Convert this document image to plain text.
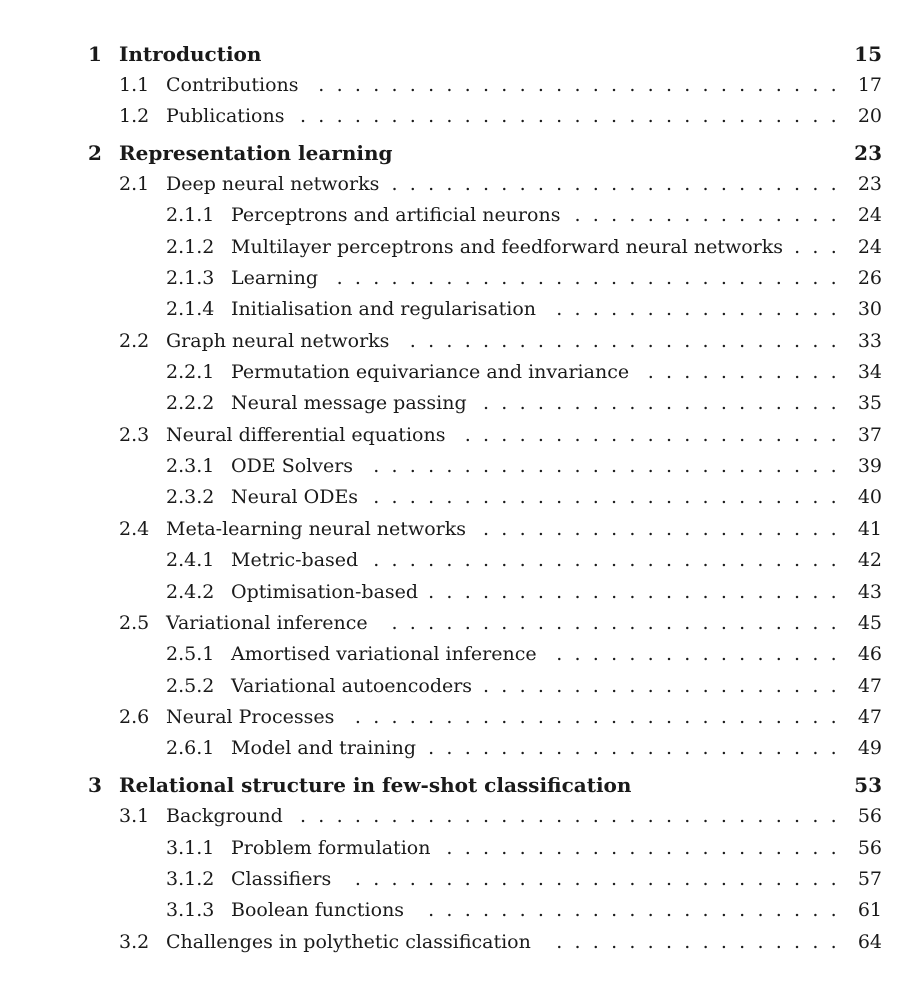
1 Introduction	15
1.1 Contributions . . . . . . . . . . . . . . . . . . . . . . . . . . . . .	17
1.2 Publications . . . . . . . . . . . . . . . . . . . . . . . . . . . . . .	20
2 Representation learning	23
2.1 Deep neural networks . . . . . . . . . . . . . . . . . . . . . . . . .	23
2.1.1 Perceptrons and artificial neurons . . . . . . . . . . . . . . .	24
2.1.2 Multilayer perceptrons and feedforward neural networks . . .	24
2.1.3 Learning . . . . . . . . . . . . . . . . . . . . . . . . . . . .	26
2.1.4 Initialisation and regularisation . . . . . . . . . . . . . . . .	30
2.2 Graph neural networks . . . . . . . . . . . . . . . . . . . . . . . .	33
2.2.1 Permutation equivariance and invariance . . . . . . . . . . .	34
2.2.2 Neural message passing . . . . . . . . . . . . . . . . . . . .	35
2.3 Neural differential equations . . . . . . . . . . . . . . . . . . . . .	37
2.3.1 ODE Solvers . . . . . . . . . . . . . . . . . . . . . . . . . .	39
2.3.2 Neural ODEs . . . . . . . . . . . . . . . . . . . . . . . . . .	40
2.4 Meta-learning neural networks . . . . . . . . . . . . . . . . . . . .	41
2.4.1 Metric-based . . . . . . . . . . . . . . . . . . . . . . . . . .	42
2.4.2 Optimisation-based . . . . . . . . . . . . . . . . . . . . . . .	43
2.5 Variational inference . . . . . . . . . . . . . . . . . . . . . . . . .	45
2.5.1 Amortised variational inference . . . . . . . . . . . . . . . .	46
2.5.2 Variational autoencoders . . . . . . . . . . . . . . . . . . . .	47
2.6 Neural Processes . . . . . . . . . . . . . . . . . . . . . . . . . . .	47
2.6.1 Model and training . . . . . . . . . . . . . . . . . . . . . . .	49
3 Relational structure in few-shot classification	53
3.1 Background . . . . . . . . . . . . . . . . . . . . . . . . . . . . . .	56
3.1.1 Problem formulation . . . . . . . . . . . . . . . . . . . . . .	56
3.1.2 Classifiers . . . . . . . . . . . . . . . . . . . . . . . . . . .	57
3.1.3 Boolean functions . . . . . . . . . . . . . . . . . . . . . . .	61
3.2 Challenges in polythetic classification . . . . . . . . . . . . . . . .	64
